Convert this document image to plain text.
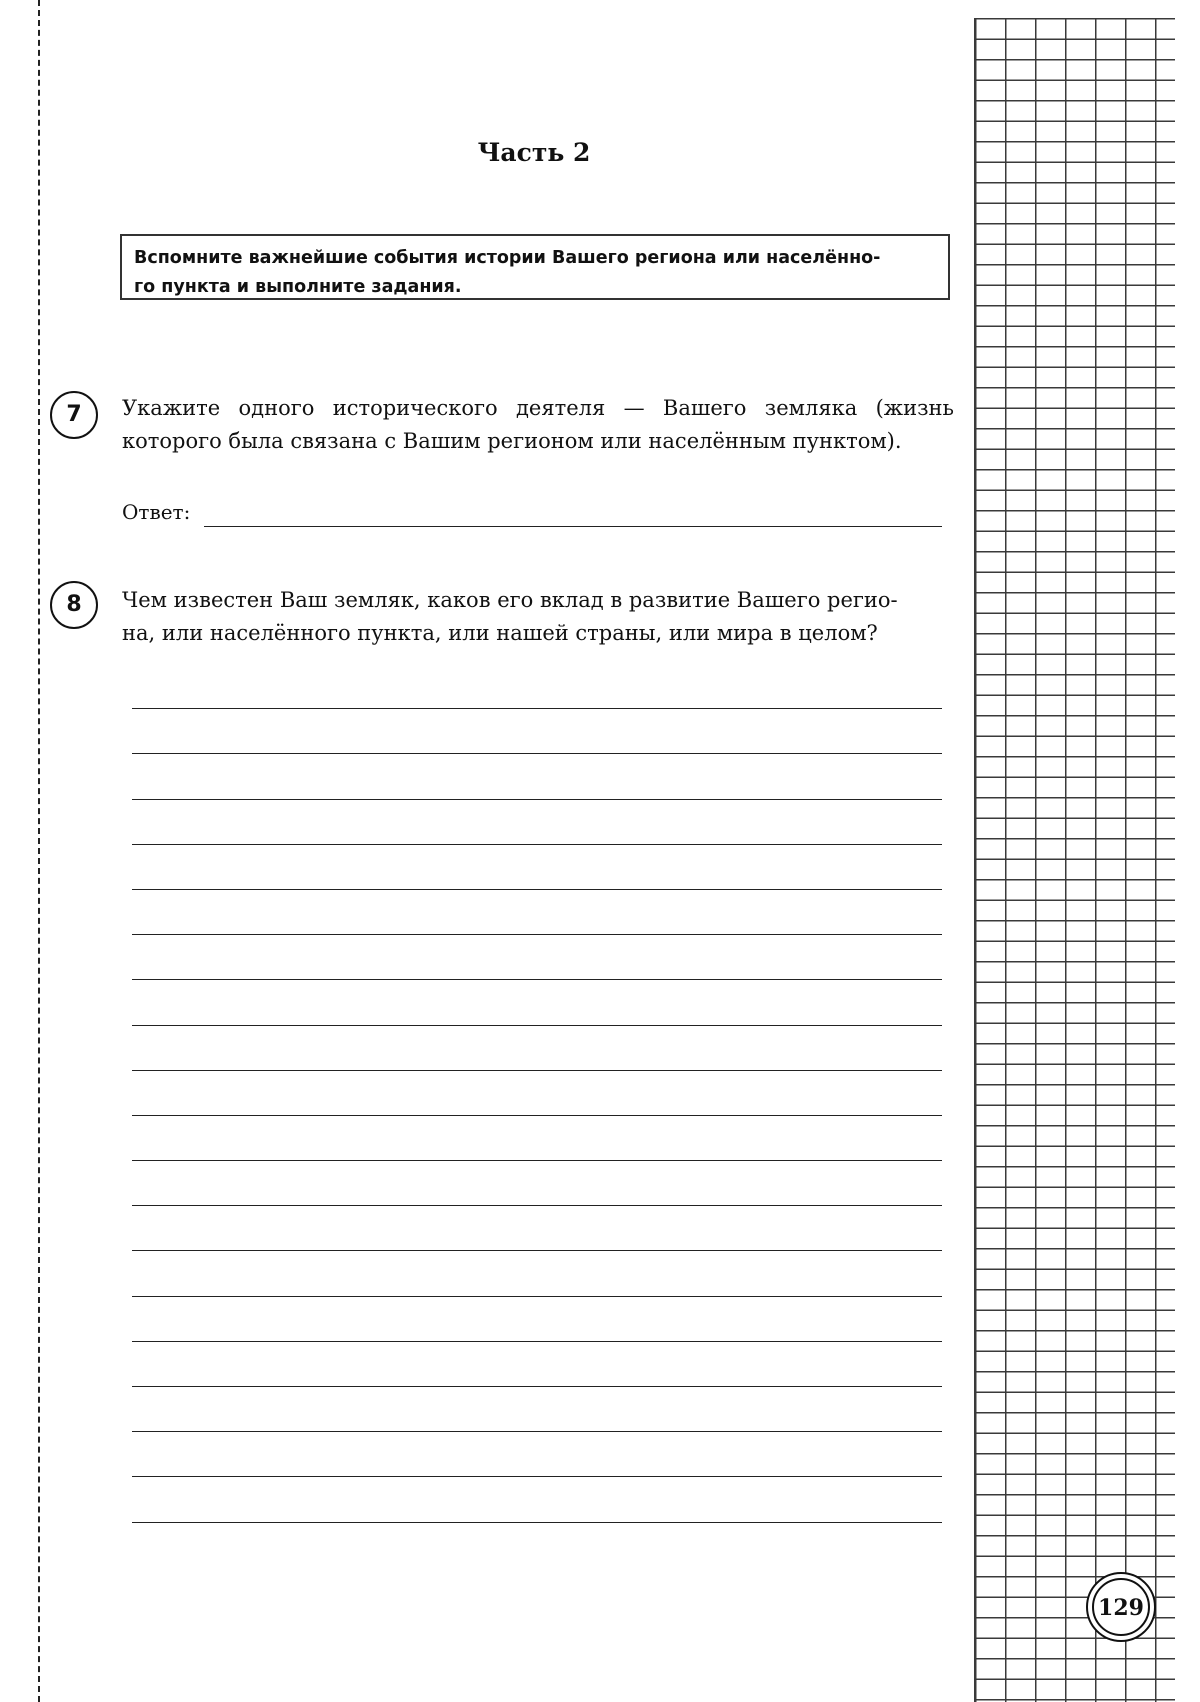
Часть 2
Вспомните важнейшие события истории Вашего региона или населённо-
го пункта и выполните задания.
7	Укажите одного исторического деятеля — Вашего земляка (жизнь
которого была связана с Вашим регионом или населённым пунктом).
Ответ:
8	Чем известен Ваш земляк, каков его вклад в развитие Вашего регио-
на, или населённого пункта, или нашей страны, или мира в целом?
129
